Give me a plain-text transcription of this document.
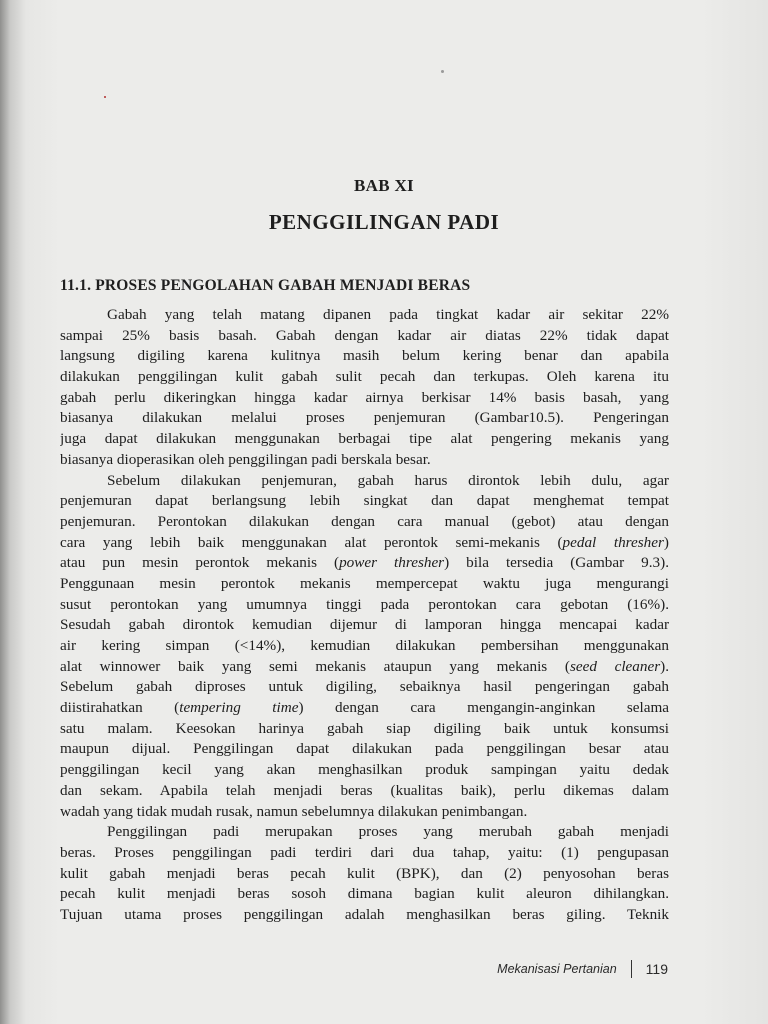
BAB XI
PENGGILINGAN PADI
11.1. PROSES PENGOLAHAN GABAH MENJADI BERAS
Gabah yang telah matang dipanen pada tingkat kadar air sekitar 22%
sampai 25% basis basah. Gabah dengan kadar air diatas 22% tidak dapat
langsung digiling karena kulitnya masih belum kering benar dan apabila
dilakukan penggilingan kulit gabah sulit pecah dan terkupas. Oleh karena itu
gabah perlu dikeringkan hingga kadar airnya berkisar 14% basis basah, yang
biasanya dilakukan melalui proses penjemuran (Gambar10.5). Pengeringan
juga dapat dilakukan menggunakan berbagai tipe alat pengering mekanis yang
biasanya dioperasikan oleh penggilingan padi berskala besar.
Sebelum dilakukan penjemuran, gabah harus dirontok lebih dulu, agar
penjemuran dapat berlangsung lebih singkat dan dapat menghemat tempat
penjemuran. Perontokan dilakukan dengan cara manual (gebot) atau dengan
cara yang lebih baik menggunakan alat perontok semi-mekanis (pedal thresher)
atau pun mesin perontok mekanis (power thresher) bila tersedia (Gambar 9.3).
Penggunaan mesin perontok mekanis mempercepat waktu juga mengurangi
susut perontokan yang umumnya tinggi pada perontokan cara gebotan (16%).
Sesudah gabah dirontok kemudian dijemur di lamporan hingga mencapai kadar
air kering simpan (<14%), kemudian dilakukan pembersihan menggunakan
alat winnower baik yang semi mekanis ataupun yang mekanis (seed cleaner).
Sebelum gabah diproses untuk digiling, sebaiknya hasil pengeringan gabah
diistirahatkan (tempering time) dengan cara mengangin-anginkan selama
satu malam. Keesokan harinya gabah siap digiling baik untuk konsumsi
maupun dijual. Penggilingan dapat dilakukan pada penggilingan besar atau
penggilingan kecil yang akan menghasilkan produk sampingan yaitu dedak
dan sekam. Apabila telah menjadi beras (kualitas baik), perlu dikemas dalam
wadah yang tidak mudah rusak, namun sebelumnya dilakukan penimbangan.
Penggilingan padi merupakan proses yang merubah gabah menjadi
beras. Proses penggilingan padi terdiri dari dua tahap, yaitu: (1) pengupasan
kulit gabah menjadi beras pecah kulit (BPK), dan (2) penyosohan beras
pecah kulit menjadi beras sosoh dimana bagian kulit aleuron dihilangkan.
Tujuan utama proses penggilingan adalah menghasilkan beras giling. Teknik
Mekanisasi Pertanian 119
